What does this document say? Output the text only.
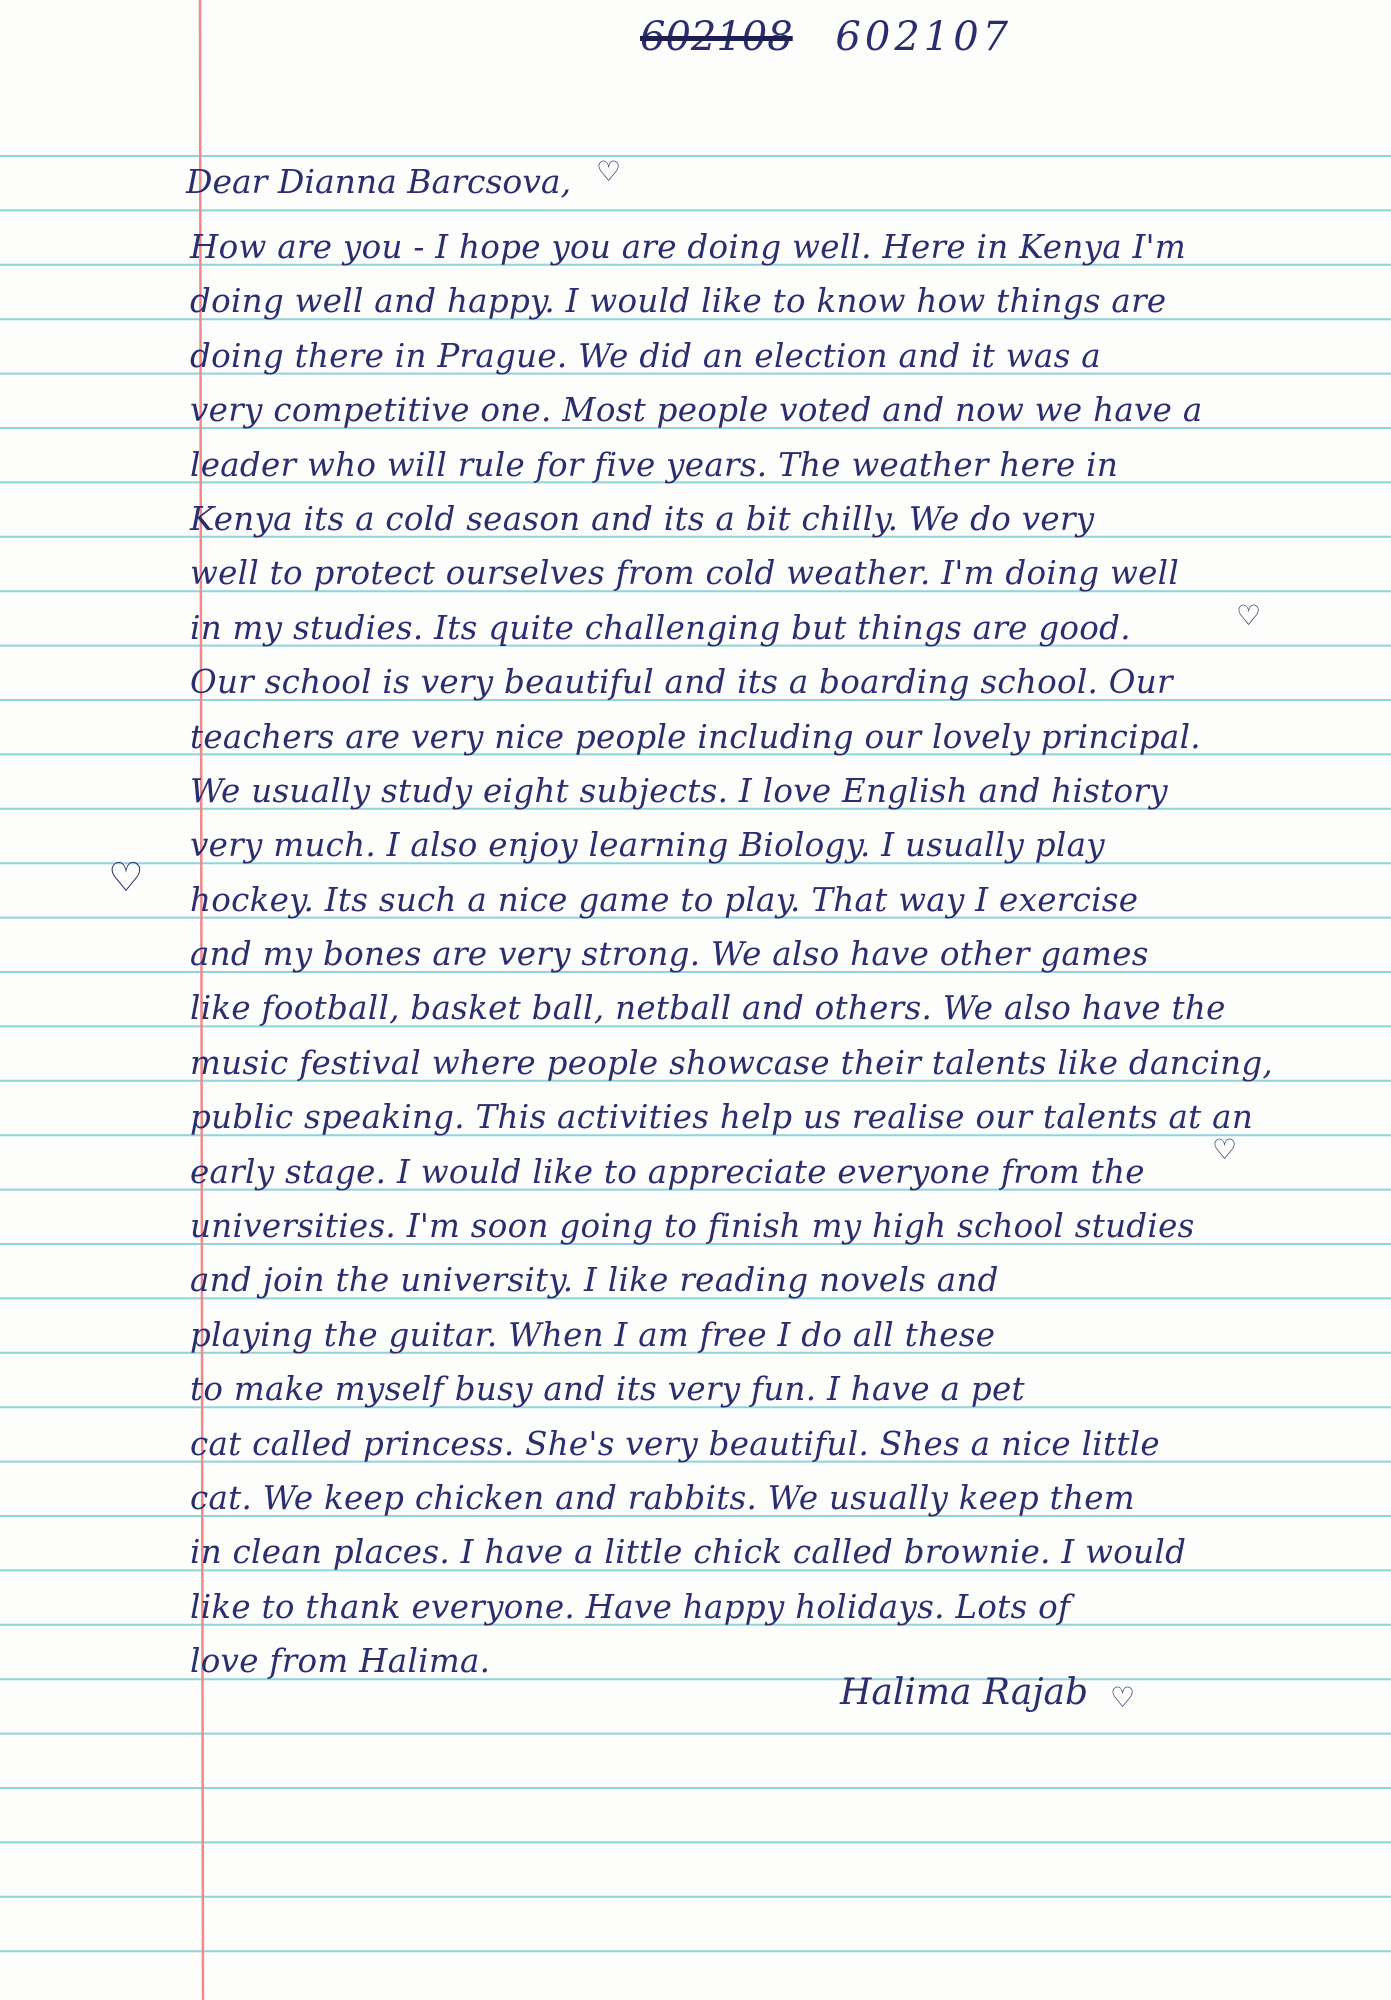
602108 602107
Dear Dianna Barcsova,
How are you - I hope you are doing well. Here in Kenya I'm
doing well and happy. I would like to know how things are
doing there in Prague. We did an election and it was a
very competitive one. Most people voted and now we have a
leader who will rule for five years. The weather here in
Kenya its a cold season and its a bit chilly. We do very
well to protect ourselves from cold weather. I'm doing well
in my studies. Its quite challenging but things are good.
Our school is very beautiful and its a boarding school. Our
teachers are very nice people including our lovely principal.
We usually study eight subjects. I love English and history
very much. I also enjoy learning Biology. I usually play
hockey. Its such a nice game to play. That way I exercise
and my bones are very strong. We also have other games
like football, basket ball, netball and others. We also have the
music festival where people showcase their talents like dancing,
public speaking. This activities help us realise our talents at an
early stage. I would like to appreciate everyone from the
universities. I'm soon going to finish my high school studies
and join the university. I like reading novels and
playing the guitar. When I am free I do all these
to make myself busy and its very fun. I have a pet
cat called princess. She's very beautiful. Shes a nice little
cat. We keep chicken and rabbits. We usually keep them
in clean places. I have a little chick called brownie. I would
like to thank everyone. Have happy holidays. Lots of
love from Halima.
Halima Rajab
♡
♡
♡
♡
♡
